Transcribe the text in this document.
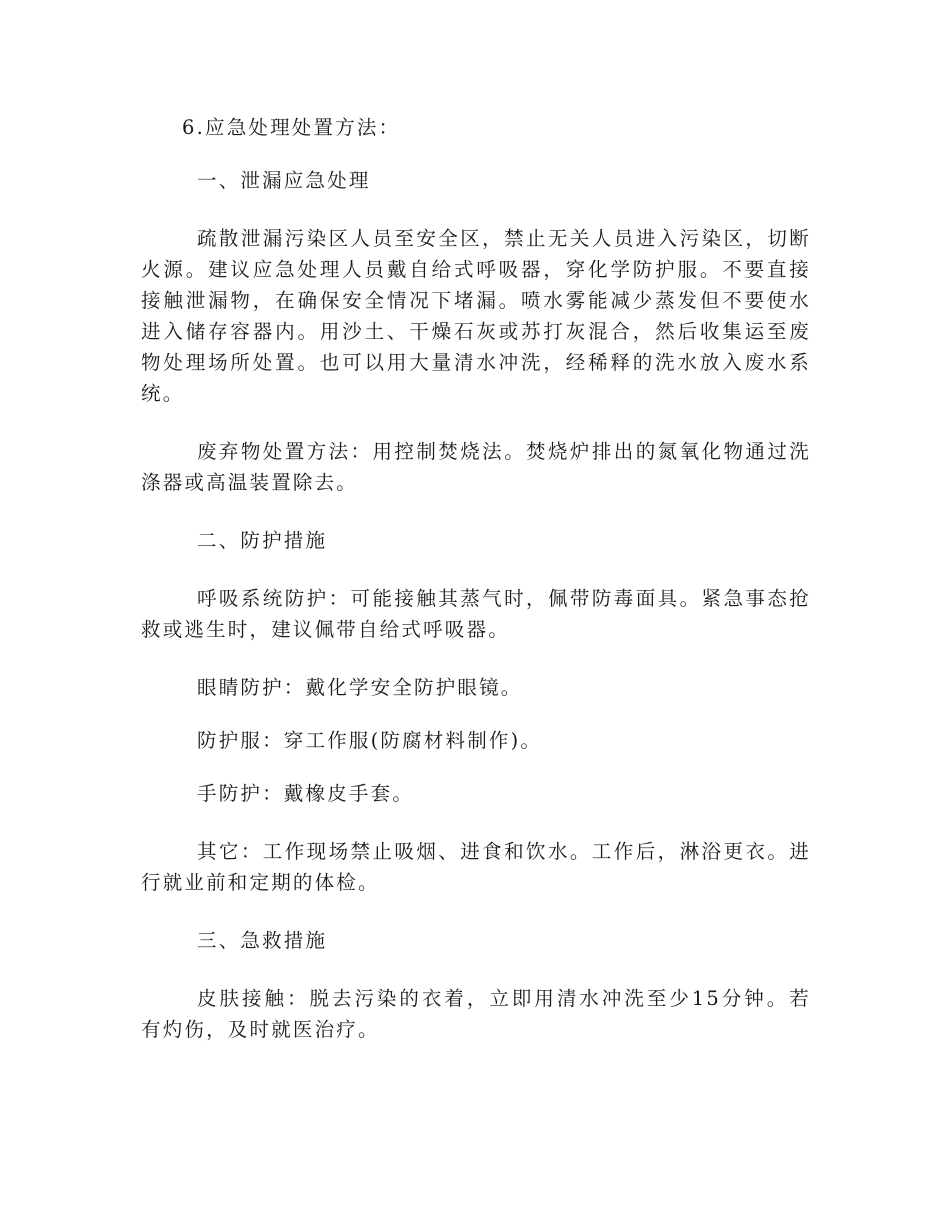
6.应急处理处置方法：

一、泄漏应急处理

疏散泄漏污染区人员至安全区，禁止无关人员进入污染区，切断火源。建议应急处理人员戴自给式呼吸器，穿化学防护服。不要直接接触泄漏物，在确保安全情况下堵漏。喷水雾能减少蒸发但不要使水进入储存容器内。用沙土、干燥石灰或苏打灰混合，然后收集运至废物处理场所处置。也可以用大量清水冲洗，经稀释的洗水放入废水系统。

废弃物处置方法：用控制焚烧法。焚烧炉排出的氮氧化物通过洗涤器或高温装置除去。

二、防护措施

呼吸系统防护：可能接触其蒸气时，佩带防毒面具。紧急事态抢救或逃生时，建议佩带自给式呼吸器。

眼睛防护：戴化学安全防护眼镜。

防护服：穿工作服(防腐材料制作)。

手防护：戴橡皮手套。

其它：工作现场禁止吸烟、进食和饮水。工作后，淋浴更衣。进行就业前和定期的体检。

三、急救措施

皮肤接触：脱去污染的衣着，立即用清水冲洗至少15分钟。若有灼伤，及时就医治疗。
